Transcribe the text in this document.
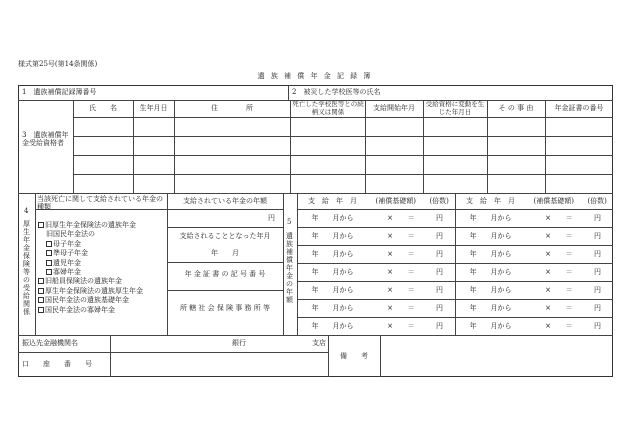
様式第25号(第14条関係)
遺 族 補 償 年 金 記 録 簿
1　遺族補償記録簿番号	2　被災した学校医等の氏名
3　遺族補償年金受給資格者
氏　　名	生年月日	住　　　　所	死亡した学校医等との続柄又は関係	支給開始年月	受給資格に変動を生じた年月日	そ の 事 由	年金証書の番号
4
厚生年金保険等の受給関係
当該死亡に関して支給されている年金の種類
旧厚生年金保険法の遺族年金
旧国民年金法の
母子年金
準母子年金
遺児年金
寡婦年金
旧船員保険法の遺族年金
厚生年金保険法の遺族厚生年金
国民年金法の遺族基礎年金
国民年金法の寡婦年金
支給されている年金の年額
円
支給されることとなった年月
年　　月
年 金 証 書 の 記 号 番 号
所 轄 社 会 保 険 事 務 所 等
5
遺族補償年金の年額
支　給　年　月	(補償基礎額)	(倍数)
年　　月から	× ＝	円
年　　月から	× ＝	円
年　　月から	× ＝	円
年　　月から	× ＝	円
年　　月から	× ＝	円
年　　月から	× ＝	円
年　　月から	× ＝	円
支　給　年　月	(補償基礎額)	(倍数)
年　　月から	× ＝	円
年　　月から	× ＝	円
年　　月から	× ＝	円
年　　月から	× ＝	円
年　　月から	× ＝	円
年　　月から	× ＝	円
年　　月から	× ＝	円
振込先金融機関名	銀行	支店
口　　座　　番　　号
備　　考
